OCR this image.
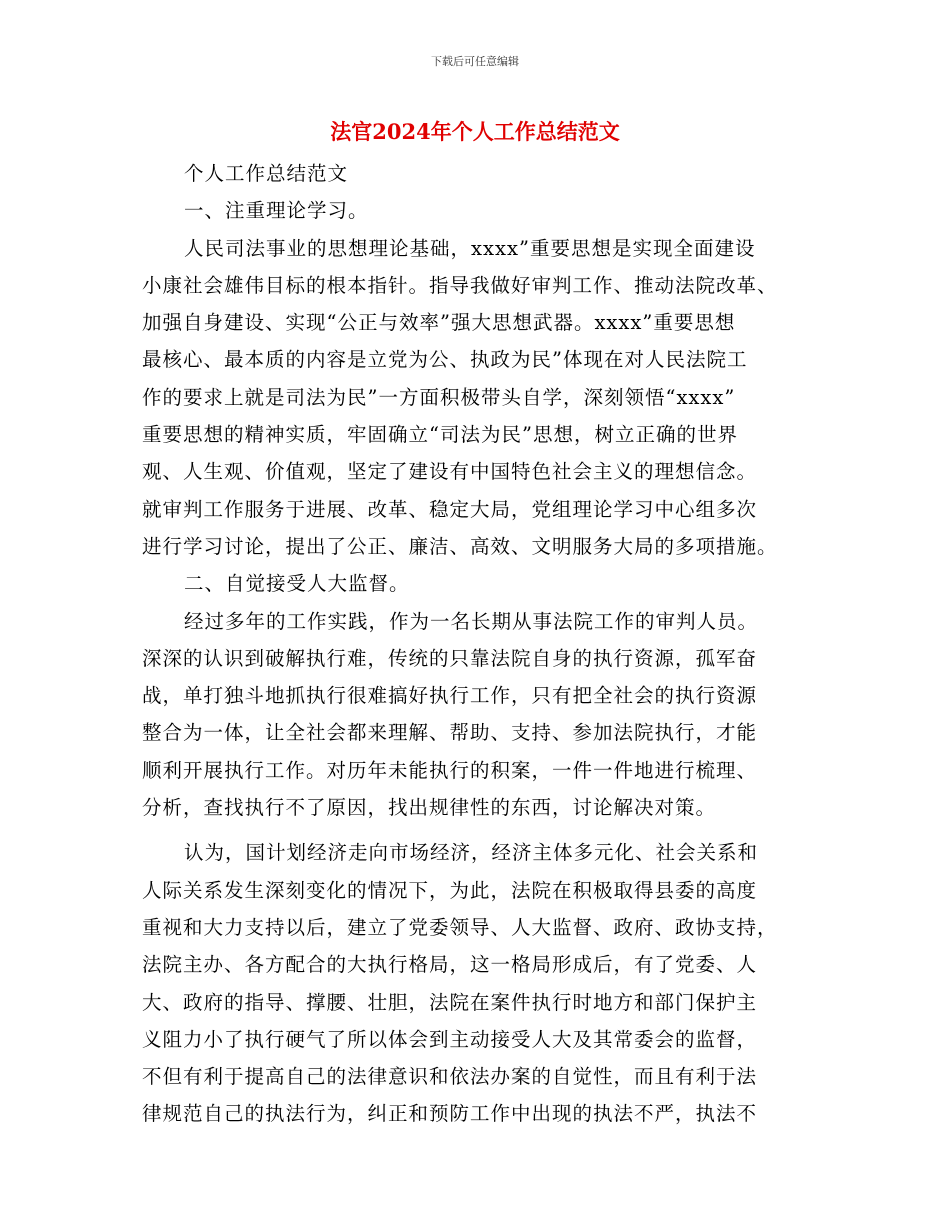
下载后可任意编辑
法官2024年个人工作总结范文
个人工作总结范文
一、注重理论学习。
人民司法事业的思想理论基础，xxxx”重要思想是实现全面建设
小康社会雄伟目标的根本指针。指导我做好审判工作、推动法院改革、
加强自身建设、实现“公正与效率”强大思想武器。xxxx”重要思想
最核心、最本质的内容是立党为公、执政为民”体现在对人民法院工
作的要求上就是司法为民”一方面积极带头自学，深刻领悟“xxxx”
重要思想的精神实质，牢固确立“司法为民”思想，树立正确的世界
观、人生观、价值观，坚定了建设有中国特色社会主义的理想信念。
就审判工作服务于进展、改革、稳定大局，党组理论学习中心组多次
进行学习讨论，提出了公正、廉洁、高效、文明服务大局的多项措施。
二、自觉接受人大监督。
经过多年的工作实践，作为一名长期从事法院工作的审判人员。
深深的认识到破解执行难，传统的只靠法院自身的执行资源，孤军奋
战，单打独斗地抓执行很难搞好执行工作，只有把全社会的执行资源
整合为一体，让全社会都来理解、帮助、支持、参加法院执行，才能
顺利开展执行工作。对历年未能执行的积案，一件一件地进行梳理、
分析，查找执行不了原因，找出规律性的东西，讨论解决对策。
认为，国计划经济走向市场经济，经济主体多元化、社会关系和
人际关系发生深刻变化的情况下，为此，法院在积极取得县委的高度
重视和大力支持以后，建立了党委领导、人大监督、政府、政协支持，
法院主办、各方配合的大执行格局，这一格局形成后，有了党委、人
大、政府的指导、撑腰、壮胆，法院在案件执行时地方和部门保护主
义阻力小了执行硬气了所以体会到主动接受人大及其常委会的监督，
不但有利于提高自己的法律意识和依法办案的自觉性，而且有利于法
律规范自己的执法行为，纠正和预防工作中出现的执法不严，执法不
